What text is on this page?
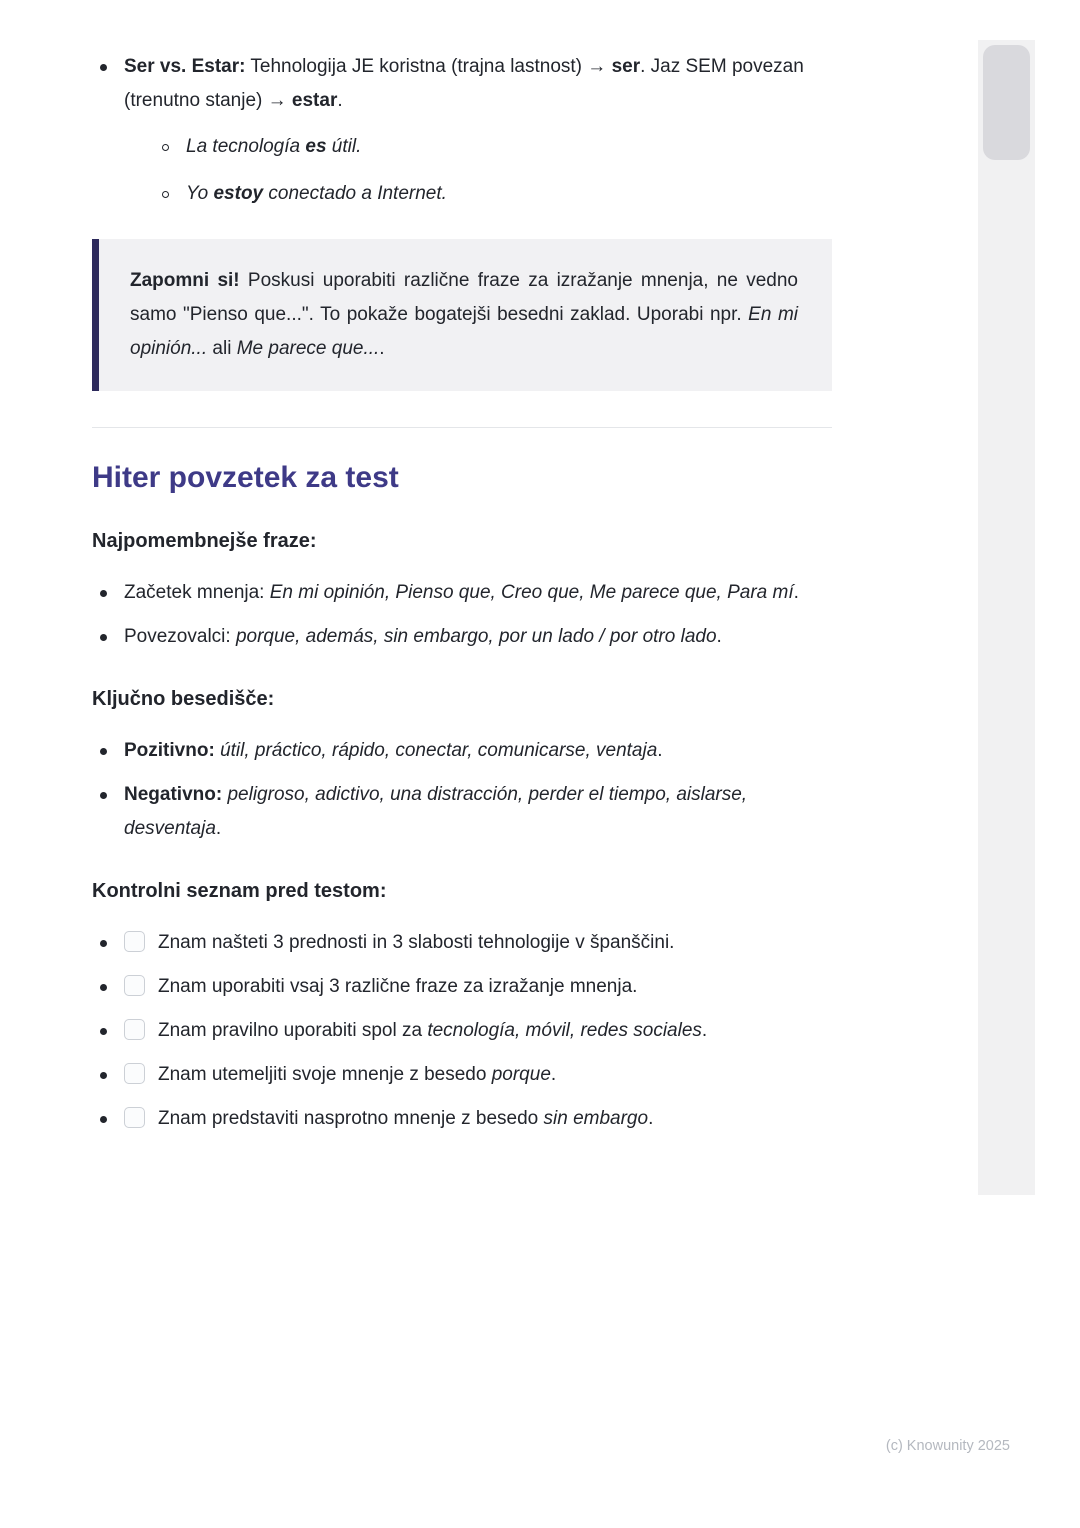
Ser vs. Estar: Tehnologija JE koristna (trajna lastnost) → ser. Jaz SEM povezan (trenutno stanje) → estar.
La tecnología es útil.
Yo estoy conectado a Internet.
Zapomni si! Poskusi uporabiti različne fraze za izražanje mnenja, ne vedno samo "Pienso que...". To pokaže bogatejši besedni zaklad. Uporabi npr. En mi opinión... ali Me parece que....
Hiter povzetek za test
Najpomembnejše fraze:
Začetek mnenja: En mi opinión, Pienso que, Creo que, Me parece que, Para mí.
Povezovalci: porque, además, sin embargo, por un lado / por otro lado.
Ključno besedišče:
Pozitivno: útil, práctico, rápido, conectar, comunicarse, ventaja.
Negativno: peligroso, adictivo, una distracción, perder el tiempo, aislarse, desventaja.
Kontrolni seznam pred testom:
Znam našteti 3 prednosti in 3 slabosti tehnologije v španščini.
Znam uporabiti vsaj 3 različne fraze za izražanje mnenja.
Znam pravilno uporabiti spol za tecnología, móvil, redes sociales.
Znam utemeljiti svoje mnenje z besedo porque.
Znam predstaviti nasprotno mnenje z besedo sin embargo.
(c) Knowunity 2025
